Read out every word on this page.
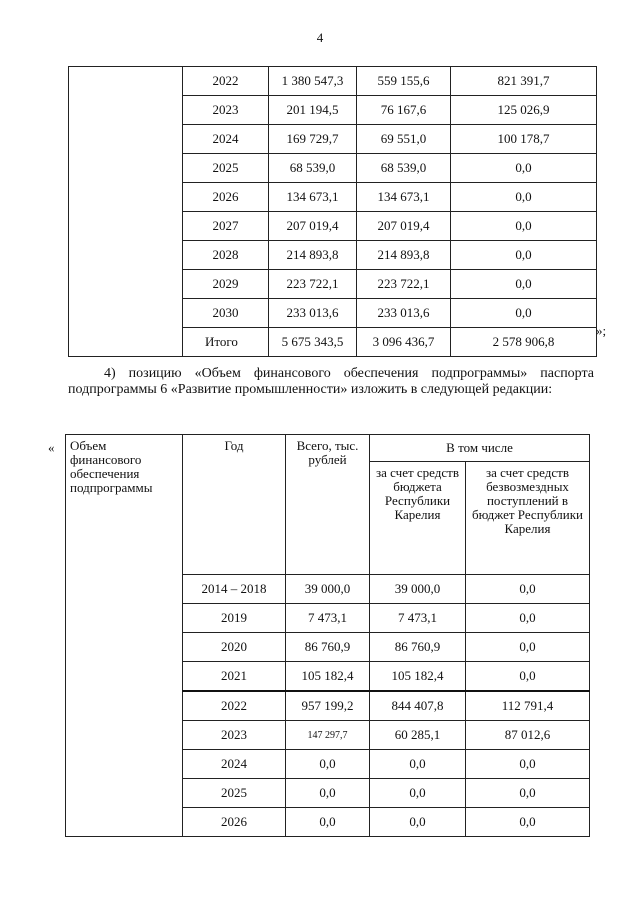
4
	2022	1 380 547,3	559 155,6	821 391,7
	2023	201 194,5	76 167,6	125 026,9
	2024	169 729,7	69 551,0	100 178,7
	2025	68 539,0	68 539,0	0,0
	2026	134 673,1	134 673,1	0,0
	2027	207 019,4	207 019,4	0,0
	2028	214 893,8	214 893,8	0,0
	2029	223 722,1	223 722,1	0,0
	2030	233 013,6	233 013,6	0,0
	Итого	5 675 343,5	3 096 436,7	2 578 906,8
»;
4) позицию «Объем финансового обеспечения подпрограммы» паспорта
подпрограммы 6 «Развитие промышленности» изложить в следующей редакции:
« Объем финансового обеспечения подпрограммы	Год	Всего, тыс. рублей	В том числе	
			за счет средств бюджета Республики Карелия	за счет средств безвозмездных поступлений в бюджет Республики Карелия
	2014 – 2018	39 000,0	39 000,0	0,0
	2019	7 473,1	7 473,1	0,0
	2020	86 760,9	86 760,9	0,0
	2021	105 182,4	105 182,4	0,0
	2022	957 199,2	844 407,8	112 791,4
	2023	147 297,7	60 285,1	87 012,6
	2024	0,0	0,0	0,0
	2025	0,0	0,0	0,0
	2026	0,0	0,0	0,0
